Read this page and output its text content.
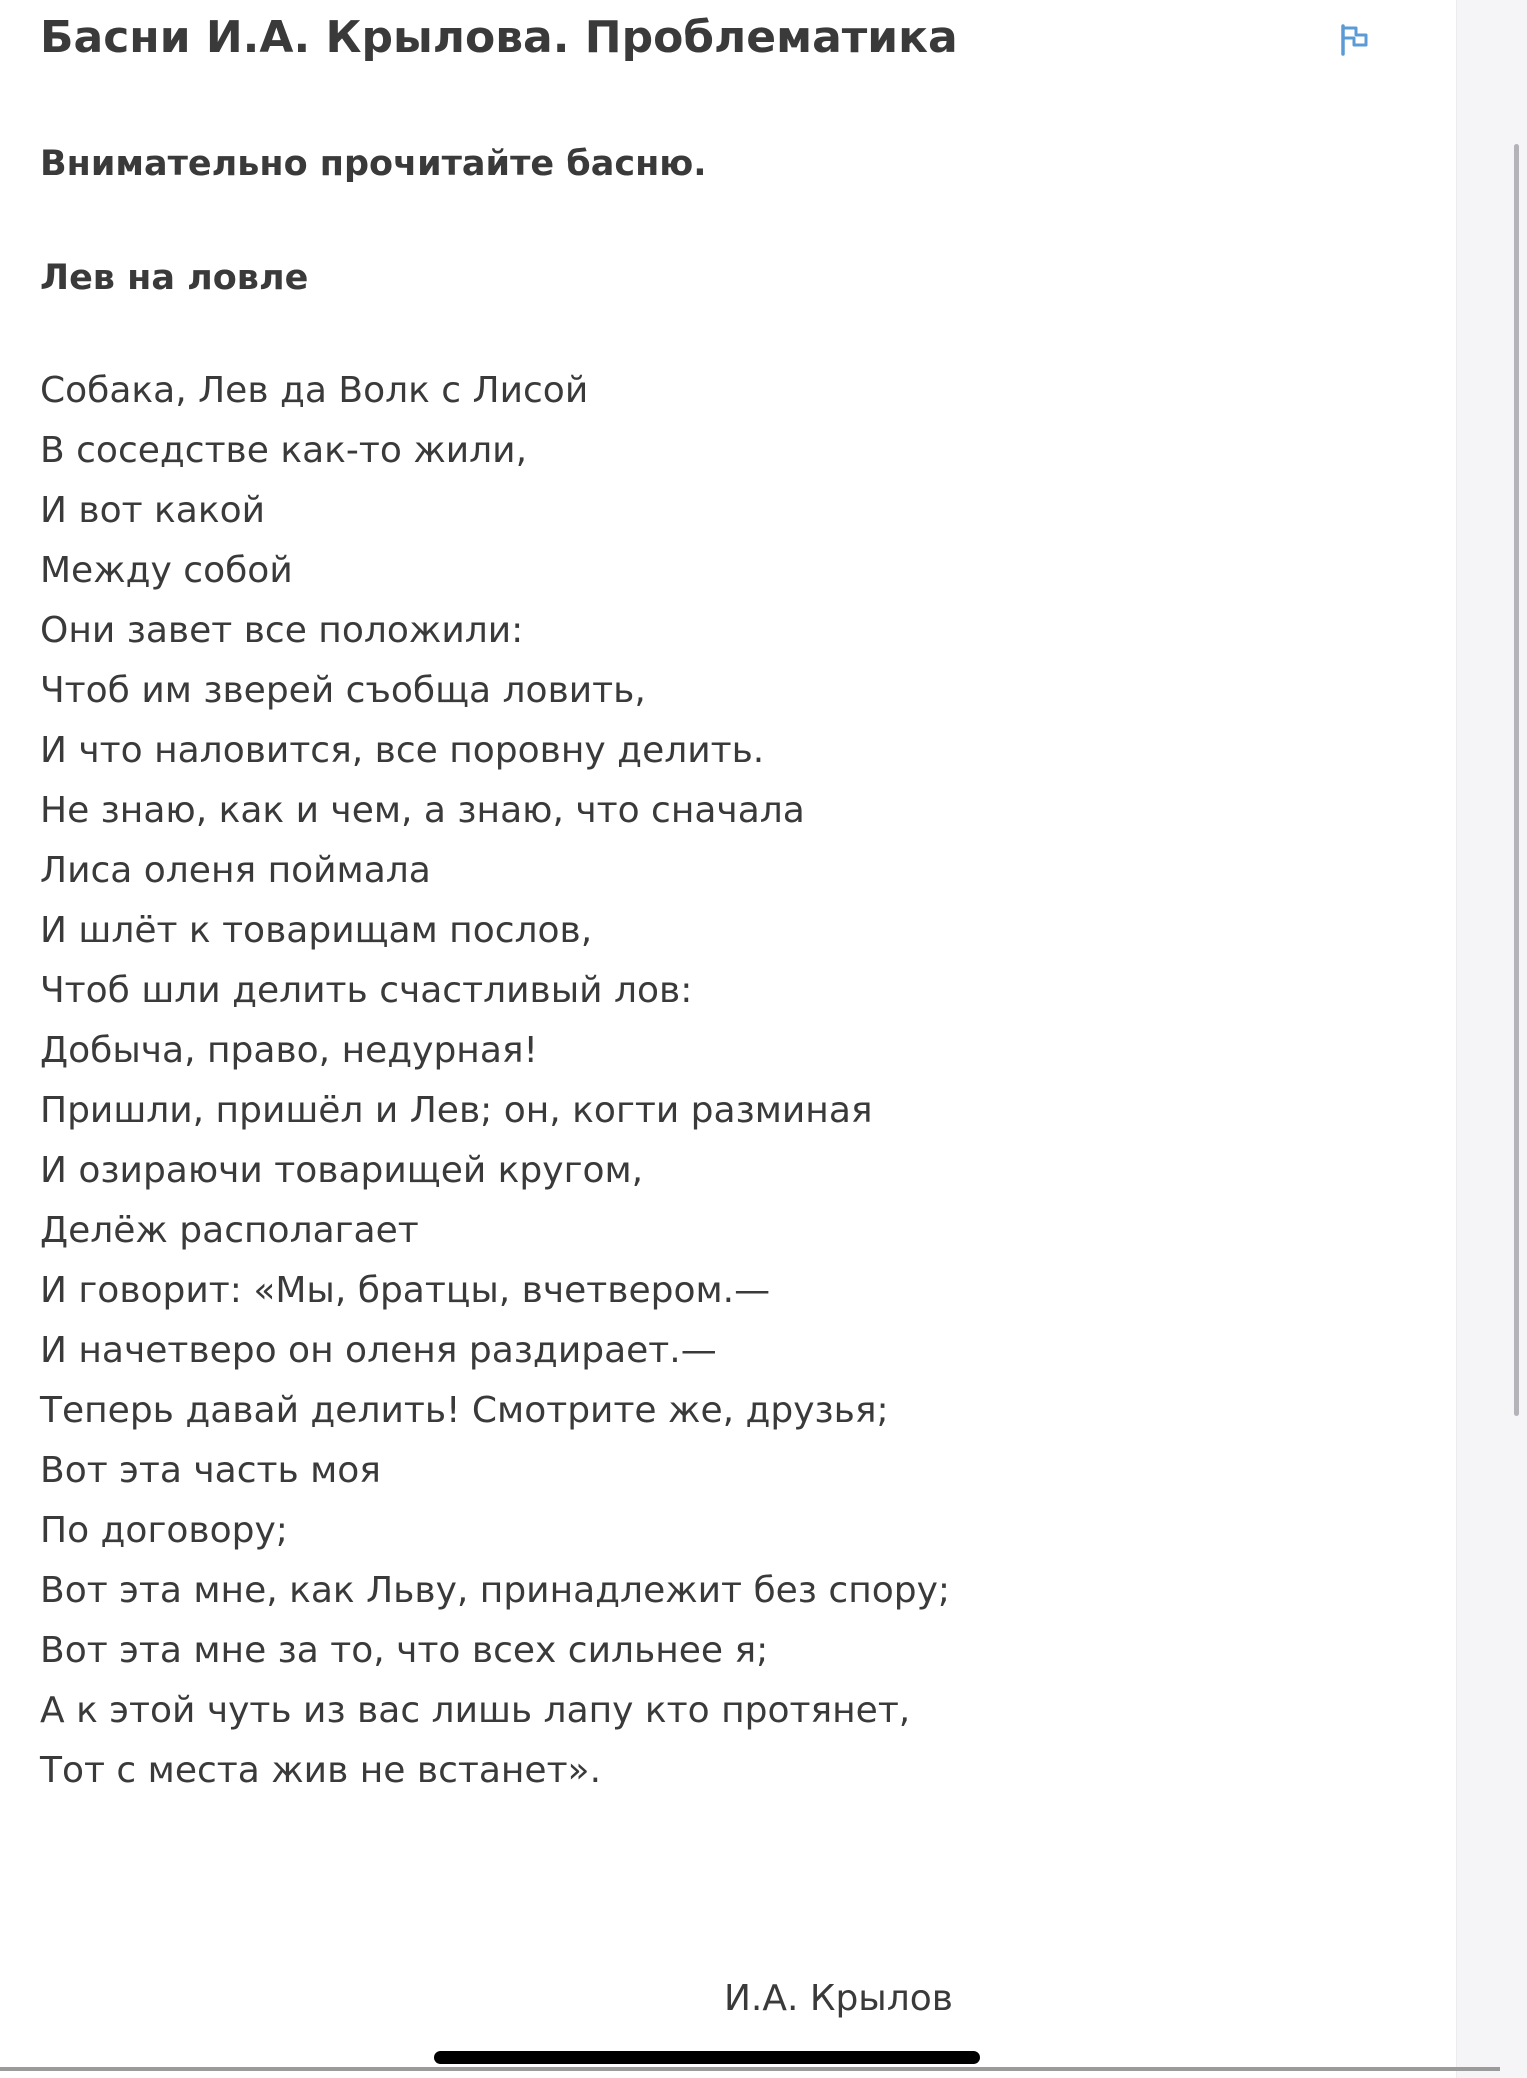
Басни И.А. Крылова. Проблематика

Внимательно прочитайте басню.

Лев на ловле

Собака, Лев да Волк с Лисой
В соседстве как-то жили,
И вот какой
Между собой
Они завет все положили:
Чтоб им зверей съобща ловить,
И что наловится, все поровну делить.
Не знаю, как и чем, а знаю, что сначала
Лиса оленя поймала
И шлёт к товарищам послов,
Чтоб шли делить счастливый лов:
Добыча, право, недурная!
Пришли, пришёл и Лев; он, когти разминая
И озираючи товарищей кругом,
Делёж располагает
И говорит: «Мы, братцы, вчетвером.—
И начетверо он оленя раздирает.—
Теперь давай делить! Смотрите же, друзья;
Вот эта часть моя
По договору;
Вот эта мне, как Льву, принадлежит без спору;
Вот эта мне за то, что всех сильнее я;
А к этой чуть из вас лишь лапу кто протянет,
Тот с места жив не встанет».

И.А. Крылов
